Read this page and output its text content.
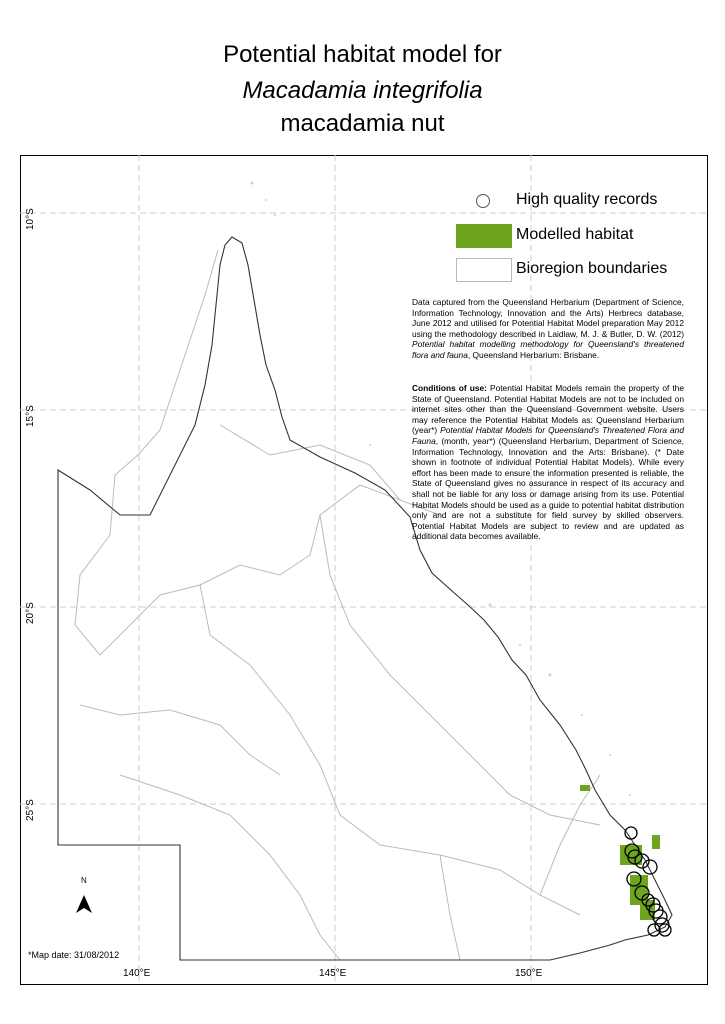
Potential habitat model for
Macadamia integrifolia
macadamia nut
10°S
15°S
20°S
25°S
140°E	145°E	150°E
N
High quality records
Modelled habitat
Bioregion boundaries
Data captured from the Queensland Herbarium (Department of Science, Information Technology, Innovation and the Arts) Herbrecs database, June 2012 and utilised for Potential Habitat Model preparation May 2012 using the methodology described in Laidlaw, M. J. & Butler, D. W. (2012) Potential habitat modelling methodology for Queensland's threatened flora and fauna, Queensland Herbarium: Brisbane.
Conditions of use: Potential Habitat Models remain the property of the State of Queensland. Potential Habitat Models are not to be included on internet sites other than the Queensland Government website. Users may reference the Potential Habitat Models as: Queensland Herbarium (year*) Potential Habitat Models for Queensland's Threatened Flora and Fauna, (month, year*) (Queensland Herbarium, Department of Science, Information Technology, Innovation and the Arts: Brisbane). (* Date shown in footnote of individual Potential Habitat Models). While every effort has been made to ensure the information presented is reliable, the State of Queensland gives no assurance in respect of its accuracy and shall not be liable for any loss or damage arising from its use. Potential Habitat Models should be used as a guide to potential habitat distribution only and are not a substitute for field survey by skilled observers. Potential Habitat Models are subject to review and are updated as additional data becomes available.
*Map date: 31/08/2012
